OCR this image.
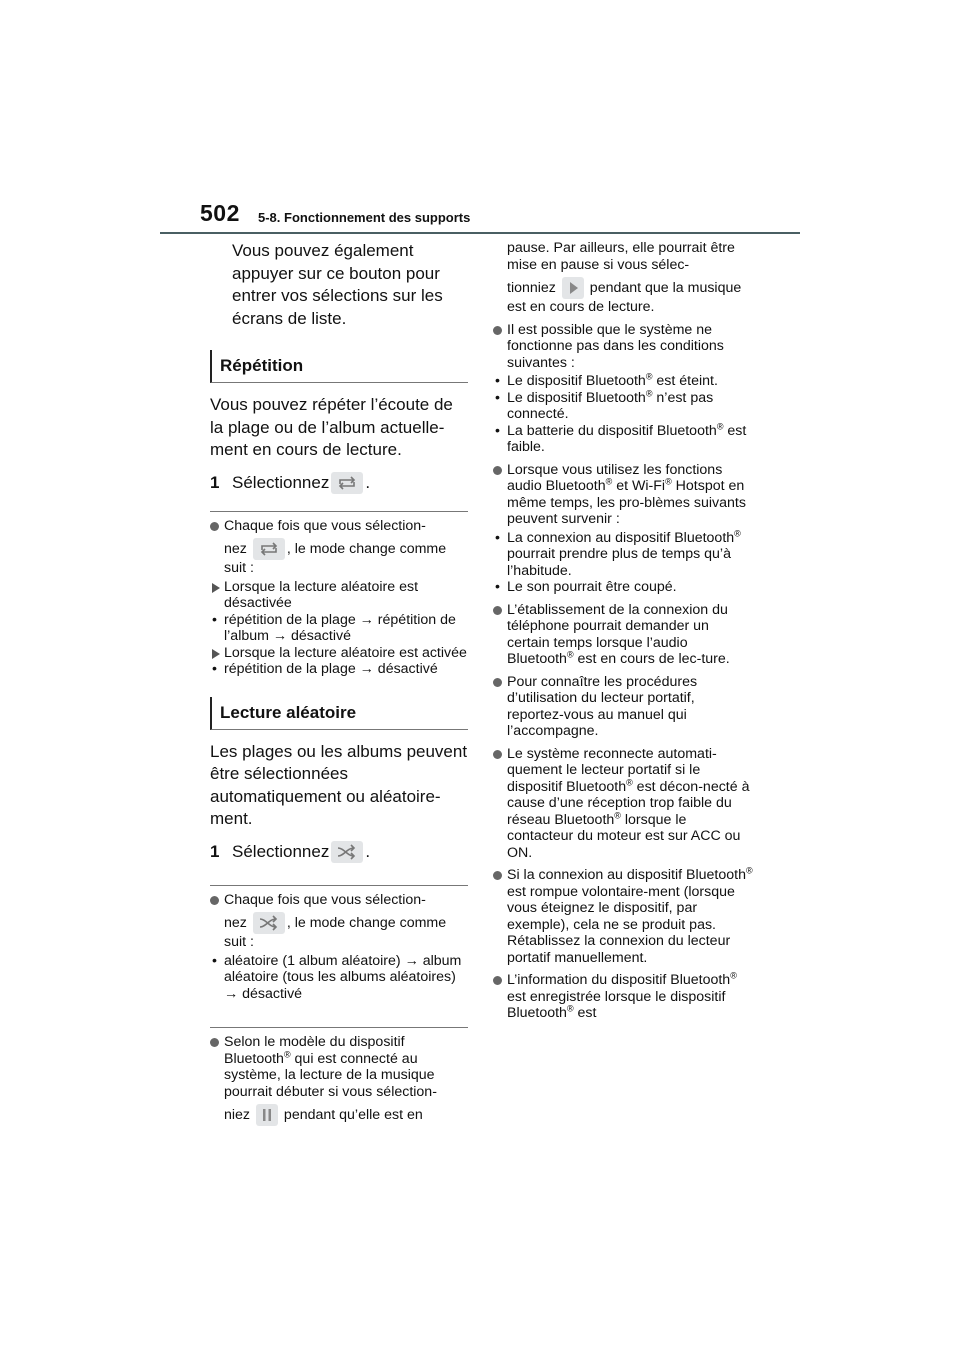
502 5-8. Fonctionnement des supports

Vous pouvez également appuyer sur ce bouton pour entrer vos sélections sur les écrans de liste.

Répétition

Vous pouvez répéter l’écoute de la plage ou de l’album actuelle-ment en cours de lecture.

1 Sélectionnez .
Chaque fois que vous sélection-
nez	, le mode change comme suit :
Lorsque la lecture aléatoire est désactivée
• répétition de la plage → répétition de l’album → désactivé
Lorsque la lecture aléatoire est activée
• répétition de la plage → désactivé
Lecture aléatoire

Les plages ou les albums peuvent être sélectionnées automatiquement ou aléatoire-ment.

1 Sélectionnez .
Chaque fois que vous sélection-
nez	, le mode change comme suit :
• aléatoire (1 album aléatoire) → album aléatoire (tous les albums aléatoires) → désactivé
Selon le modèle du dispositif Bluetooth® qui est connecté au système, la lecture de la musique pourrait débuter si vous sélection-
niez
pendant qu’elle est en
pause. Par ailleurs, elle pourrait être mise en pause si vous sélec-
tionniez
pendant que la musique est en cours de lecture.
Il est possible que le système ne fonctionne pas dans les conditions suivantes :
• Le dispositif Bluetooth® est éteint.
• Le dispositif Bluetooth® n’est pas connecté.
• La batterie du dispositif Bluetooth® est faible.
Lorsque vous utilisez les fonctions audio Bluetooth® et Wi-Fi® Hotspot en même temps, les pro-blèmes suivants peuvent survenir :
• La connexion au dispositif Bluetooth® pourrait prendre plus de temps qu’à l’habitude.
• Le son pourrait être coupé.
L’établissement de la connexion du téléphone pourrait demander un certain temps lorsque l’audio Bluetooth® est en cours de lec-ture.
Pour connaître les procédures d’utilisation du lecteur portatif, reportez-vous au manuel qui l’accompagne.
Le système reconnecte automati-quement le lecteur portatif si le dispositif Bluetooth® est décon-necté à cause d’une réception trop faible du réseau Bluetooth® lorsque le contacteur du moteur est sur ACC ou ON.
Si la connexion au dispositif Bluetooth® est rompue volontaire-ment (lorsque vous éteignez le dispositif, par exemple), cela ne se produit pas. Rétablissez la connexion du lecteur portatif manuellement.
L’information du dispositif Bluetooth® est enregistrée lorsque le dispositif Bluetooth® est
